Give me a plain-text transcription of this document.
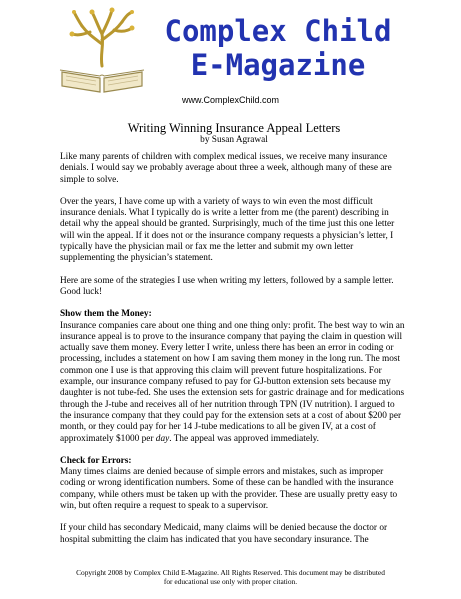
Complex Child
E-Magazine
www.ComplexChild.com
Writing Winning Insurance Appeal Letters
by Susan Agrawal

Like many parents of children with complex medical issues, we receive many insurance denials. I would say we probably average about three a week, although many of these are simple to solve.

Over the years, I have come up with a variety of ways to win even the most difficult insurance denials. What I typically do is write a letter from me (the parent) describing in detail why the appeal should be granted. Surprisingly, much of the time just this one letter will win the appeal. If it does not or the insurance company requests a physician’s letter, I typically have the physician mail or fax me the letter and submit my own letter supplementing the physician’s statement.

Here are some of the strategies I use when writing my letters, followed by a sample letter. Good luck!

Show them the Money:

Insurance companies care about one thing and one thing only: profit. The best way to win an insurance appeal is to prove to the insurance company that paying the claim in question will actually save them money. Every letter I write, unless there has been an error in coding or processing, includes a statement on how I am saving them money in the long run. The most common one I use is that approving this claim will prevent future hospitalizations. For example, our insurance company refused to pay for GJ-button extension sets because my daughter is not tube-fed. She uses the extension sets for gastric drainage and for medications through the J-tube and receives all of her nutrition through TPN (IV nutrition). I argued to the insurance company that they could pay for the extension sets at a cost of about $200 per month, or they could pay for her 14 J-tube medications to all be given IV, at a cost of approximately $1000 per day. The appeal was approved immediately.

Check for Errors:

Many times claims are denied because of simple errors and mistakes, such as improper coding or wrong identification numbers. Some of these can be handled with the insurance company, while others must be taken up with the provider. These are usually pretty easy to win, but often require a request to speak to a supervisor.

If your child has secondary Medicaid, many claims will be denied because the doctor or hospital submitting the claim has indicated that you have secondary insurance. The

Copyright 2008 by Complex Child E-Magazine. All Rights Reserved. This document may be distributed
for educational use only with proper citation.
